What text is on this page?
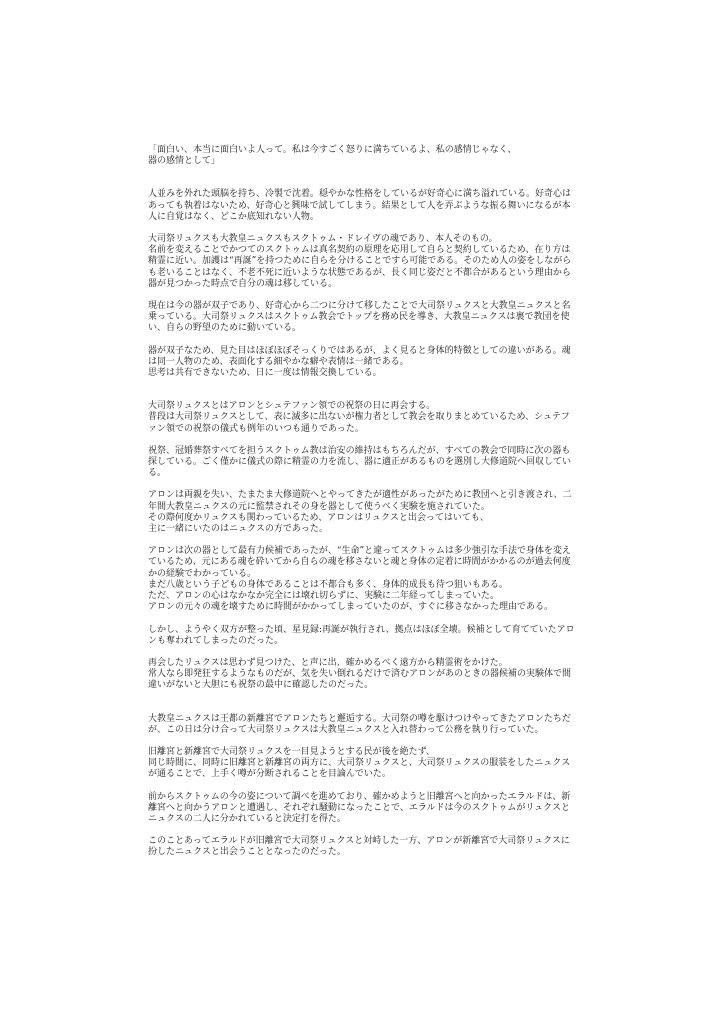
「面白い、本当に面白いよ人って。私は今すごく怒りに満ちているよ、私の感情じゃなく、
器の感情として」

人並みを外れた頭脳を持ち、冷製で沈着。穏やかな性格をしているが好奇心に満ち溢れている。好奇心はあっても執着はないため、好奇心と興味で試してしまう。結果として人を弄ぶような振る舞いになるが本人に自覚はなく、どこか底知れない人物。

大司祭リュクスも大教皇ニュクスもスクトゥム・ドレイヴの魂であり、本人そのもの。
名前を変えることでかつてのスクトゥムは真名契約の原理を応用して自らと契約しているため、在り方は精霊に近い。加護は“再誕”を持つために自らを分けることですら可能である。そのため人の姿をしながらも老いることはなく、不老不死に近いような状態であるが、長く同じ姿だと不都合があるという理由から器が見つかった時点で自分の魂は移している。

現在は今の器が双子であり、好奇心から二つに分けて移したことで大司祭リュクスと大教皇ニュクスと名乗っている。大司祭リュクスはスクトゥム教会でトップを務め民を導き、大教皇ニュクスは裏で教団を使い、自らの野望のために動いている。

器が双子なため、見た目はほぼほぼそっくりではあるが、よく見ると身体的特徴としての違いがある。魂は同一人物のため、表面化する細やかな癖や表情は一緒である。
思考は共有できないため、日に一度は情報交換している。

大司祭リュクスとはアロンとシュテファン領での祝祭の日に再会する。
普段は大司祭リュクスとして、表に滅多に出ないが権力者として教会を取りまとめているため、シュテファン領での祝祭の儀式も例年のいつも通りであった。

祝祭、冠婚葬祭すべてを担うスクトゥム教は治安の維持はもちろんだが、すべての教会で同時に次の器も探している。ごく僅かに儀式の際に精霊の力を流し、器に適正があるものを選別し大修道院へ回収している。

アロンは両親を失い、たまたま大修道院へとやってきたが適性があったがために教団へと引き渡され、二年間大教皇ニュクスの元に監禁されその身を器として使うべく実験を施されていた。
その際何度かリュクスも関わっているため、アロンはリュクスと出会ってはいても、
主に一緒にいたのはニュクスの方であった。

アロンは次の器として最有力候補であったが、“生命”と違ってスクトゥムは多少強引な手法で身体を変えているため、元にある魂を砕いてから自らの魂を移さないと魂と身体の定着に時間がかかるのが過去何度かの経験でわかっている。
まだ八歳という子どもの身体であることは不都合も多く、身体的成長も待つ狙いもある。
ただ、アロンの心はなかなか完全には壊れ切らずに、実験に二年経ってしまっていた。
アロンの元々の魂を壊すために時間がかかってしまっていたのが、すぐに移さなかった理由である。

しかし、ようやく双方が整った頃、星見録:再誕が執行され、拠点はほぼ全壊。候補として育てていたアロンも奪われてしまったのだった。

再会したリュクスは思わず見つけた、と声に出、確かめるべく遠方から精霊術をかけた。
常人なら即発狂するようなものだが、気を失い倒れるだけで済むアロンがあのときの器候補の実験体で間違いがないと大胆にも祝祭の最中に確認したのだった。

大教皇ニュクスは王都の新離宮でアロンたちと邂逅する。大司祭の噂を駆けつけやってきたアロンたちだが、この日は分け合って大司祭リュクスは大教皇ニュクスと入れ替わって公務を執り行っていた。

旧離宮と新離宮で大司祭リュクスを一目見ようとする民が後を絶たず、
同じ時間に、同時に旧離宮と新離宮の両方に、大司祭リュクスと、大司祭リュクスの服装をしたニュクスが通ることで、上手く噂が分断されることを目論んでいた。

前からスクトゥムの今の姿について調べを進めており、確かめようと旧離宮へと向かったエラルドは、新離宮へと向かうアロンと遭遇し、それぞれ騒動になったことで、エラルドは今のスクトゥムがリュクスとニュクスの二人に分かれていると決定打を得た。

このことあってエラルドが旧離宮で大司祭リュクスと対峙した一方、アロンが新離宮で大司祭リュクスに扮したニュクスと出会うこととなったのだった。
